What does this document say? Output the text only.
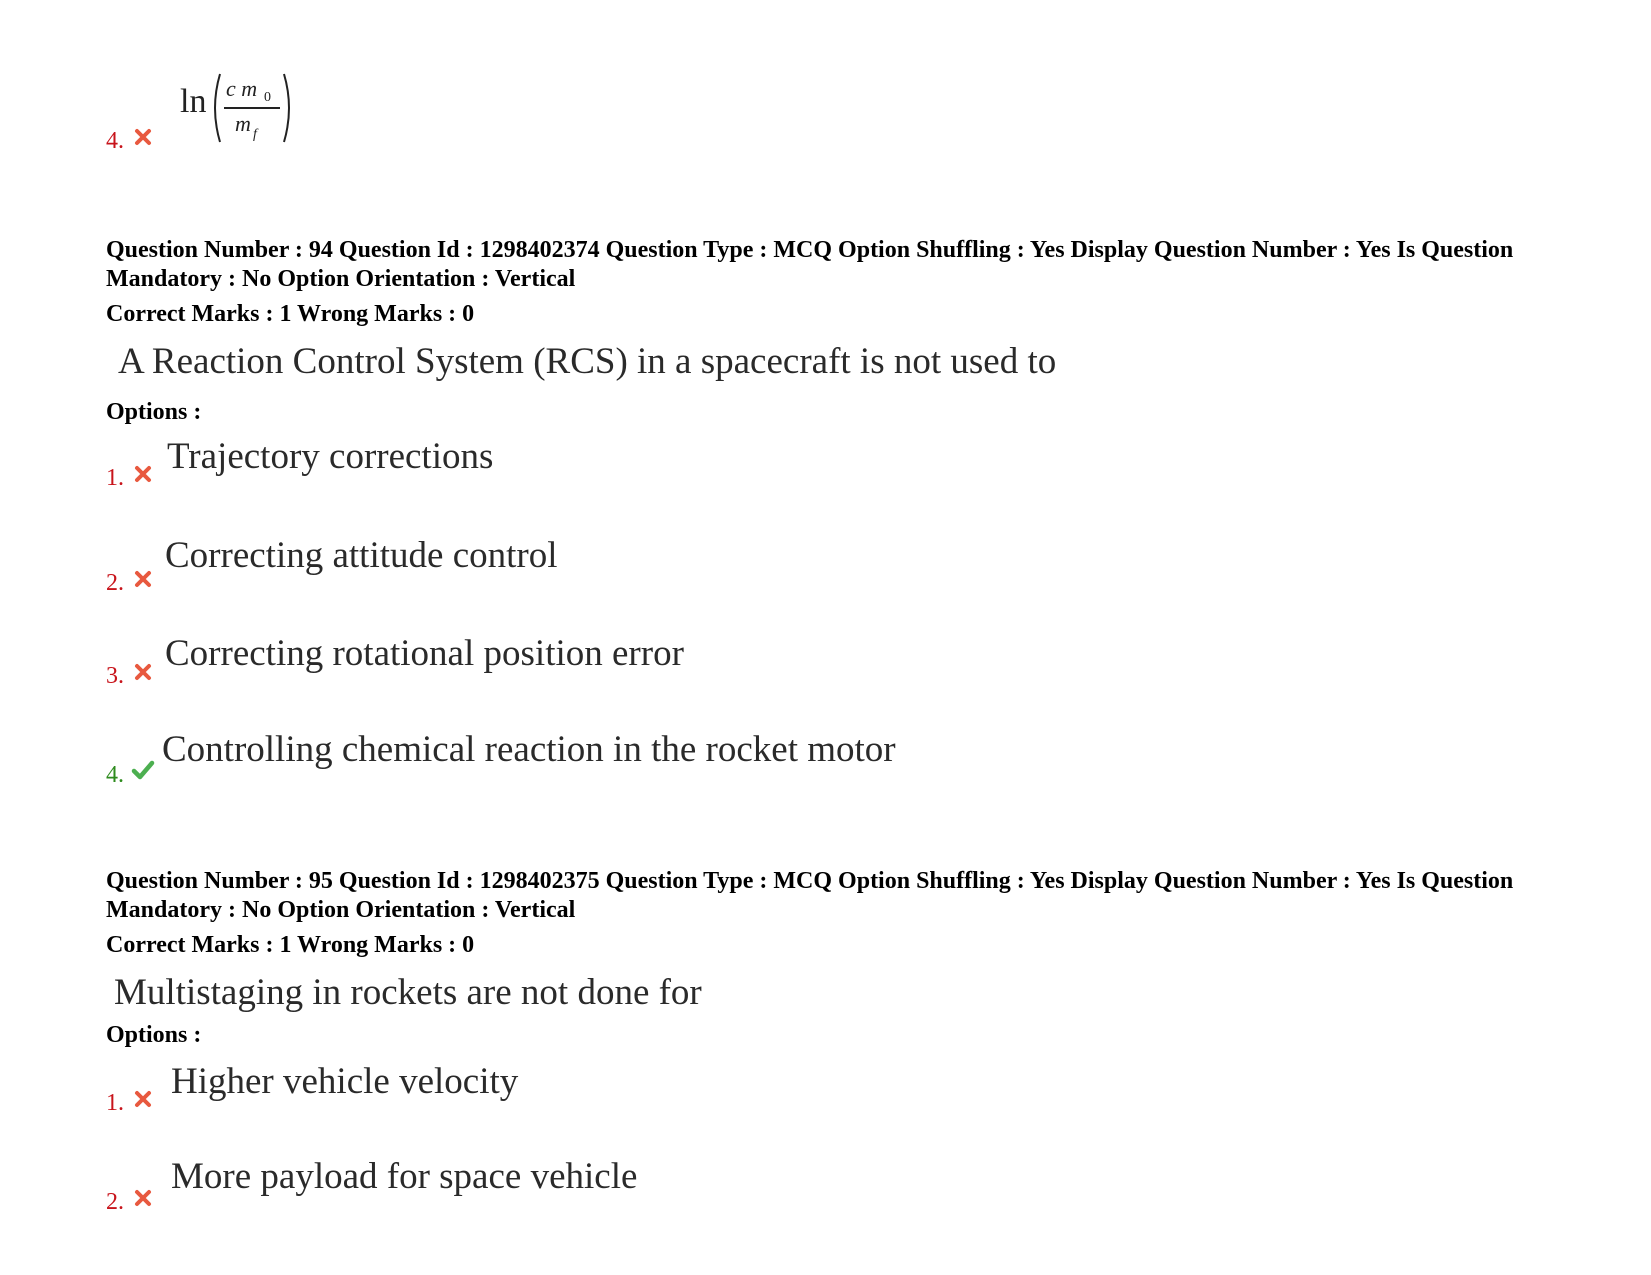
4.
ln c m 0
m f

Question Number : 94 Question Id : 1298402374 Question Type : MCQ Option Shuffling : Yes Display Question Number : Yes Is Question Mandatory : No Option Orientation : Vertical

Correct Marks : 1 Wrong Marks : 0
A Reaction Control System (RCS) in a spacecraft is not used to
Options :
1.
Trajectory corrections
2.
Correcting attitude control
3.
Correcting rotational position error
4.
Controlling chemical reaction in the rocket motor

Question Number : 95 Question Id : 1298402375 Question Type : MCQ Option Shuffling : Yes Display Question Number : Yes Is Question Mandatory : No Option Orientation : Vertical

Correct Marks : 1 Wrong Marks : 0
Multistaging in rockets are not done for
Options :
1.
Higher vehicle velocity
2.
More payload for space vehicle
